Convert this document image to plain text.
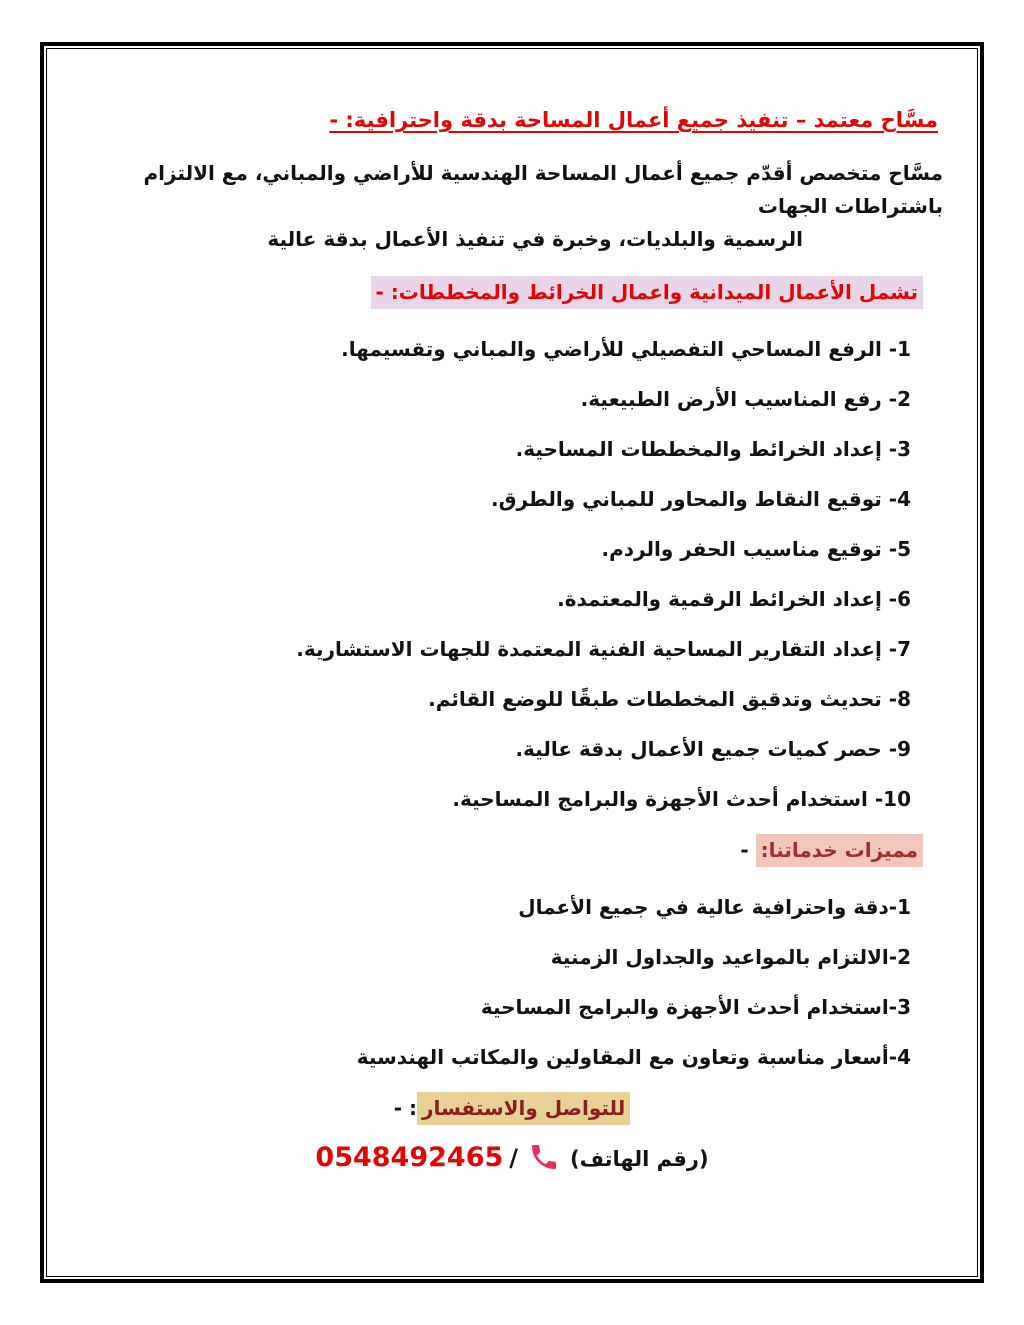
مسَّاح معتمد – تنفيذ جميع أعمال المساحة بدقة واحترافية: -
مسَّاح متخصص أقدّم جميع أعمال المساحة الهندسية للأراضي والمباني، مع الالتزام باشتراطات الجهات
الرسمية والبلديات، وخبرة في تنفيذ الأعمال بدقة عالية
تشمل الأعمال الميدانية واعمال الخرائط والمخططات: -
1- الرفع المساحي التفصيلي للأراضي والمباني وتقسيمها.
2- رفع المناسيب الأرض الطبيعية.
3- إعداد الخرائط والمخططات المساحية.
4- توقيع النقاط والمحاور للمباني والطرق.
5- توقيع مناسيب الحفر والردم.
6- إعداد الخرائط الرقمية والمعتمدة.
7- إعداد التقارير المساحية الفنية المعتمدة للجهات الاستشارية.
8- تحديث وتدقيق المخططات طبقًا للوضع القائم.
9- حصر كميات جميع الأعمال بدقة عالية.
10- استخدام أحدث الأجهزة والبرامج المساحية.
مميزات خدماتنا: -
1-دقة واحترافية عالية في جميع الأعمال
2-الالتزام بالمواعيد والجداول الزمنية
3-استخدام أحدث الأجهزة والبرامج المساحية
4-أسعار مناسبة وتعاون مع المقاولين والمكاتب الهندسية
للتواصل والاستفسار: -
(رقم الهاتف)/0548492465
